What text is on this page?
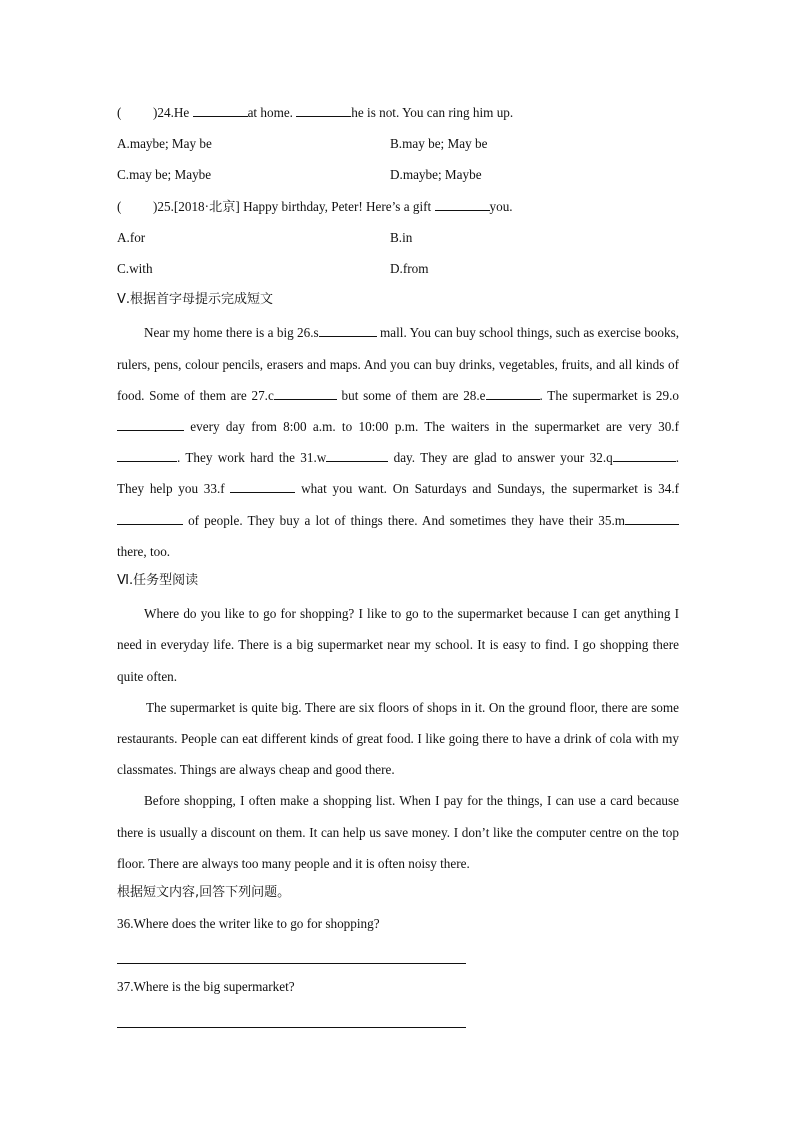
( )24.He	at home.	he is not. You can ring him up.
A.maybe; May be	B.may be; May be
C.may be; Maybe	D.maybe; Maybe
( )25.[2018·北京] Happy birthday, Peter! Here’s a gift	you.
A.for	B.in
C.with	D.from
Ⅴ.根据首字母提示完成短文
Near my home there is a big 26.s	mall. You can buy school things, such as exercise books, rulers, pens, colour pencils, erasers and maps. And you can buy drinks, vegetables, fruits, and all kinds of food. Some of them are 27.c	but some of them are 28.e	. The supermarket is 29.o  every day from 8:00 a.m. to 10:00 p.m. The waiters in the supermarket are very 30.f. They work hard the 31.w	day. They are glad to answer your 32.q	. They help you 33.f	what you want. On Saturdays and Sundays, the supermarket is 34.f  of people. They buy a lot of things there. And sometimes they have their 35.m there, too.
Ⅵ.任务型阅读
Where do you like to go for shopping? I like to go to the supermarket because I can get anything I need in everyday life. There is a big supermarket near my school. It is easy to find. I go shopping there quite often.
The supermarket is quite big. There are six floors of shops in it. On the ground floor, there are some restaurants. People can eat different kinds of great food. I like going there to have a drink of cola with my classmates. Things are always cheap and good there.
Before shopping, I often make a shopping list. When I pay for the things, I can use a card because there is usually a discount on them. It can help us save money. I don’t like the computer centre on the top floor. There are always too many people and it is often noisy there.
根据短文内容,回答下列问题。
36.Where does the writer like to go for shopping?
37.Where is the big supermarket?
